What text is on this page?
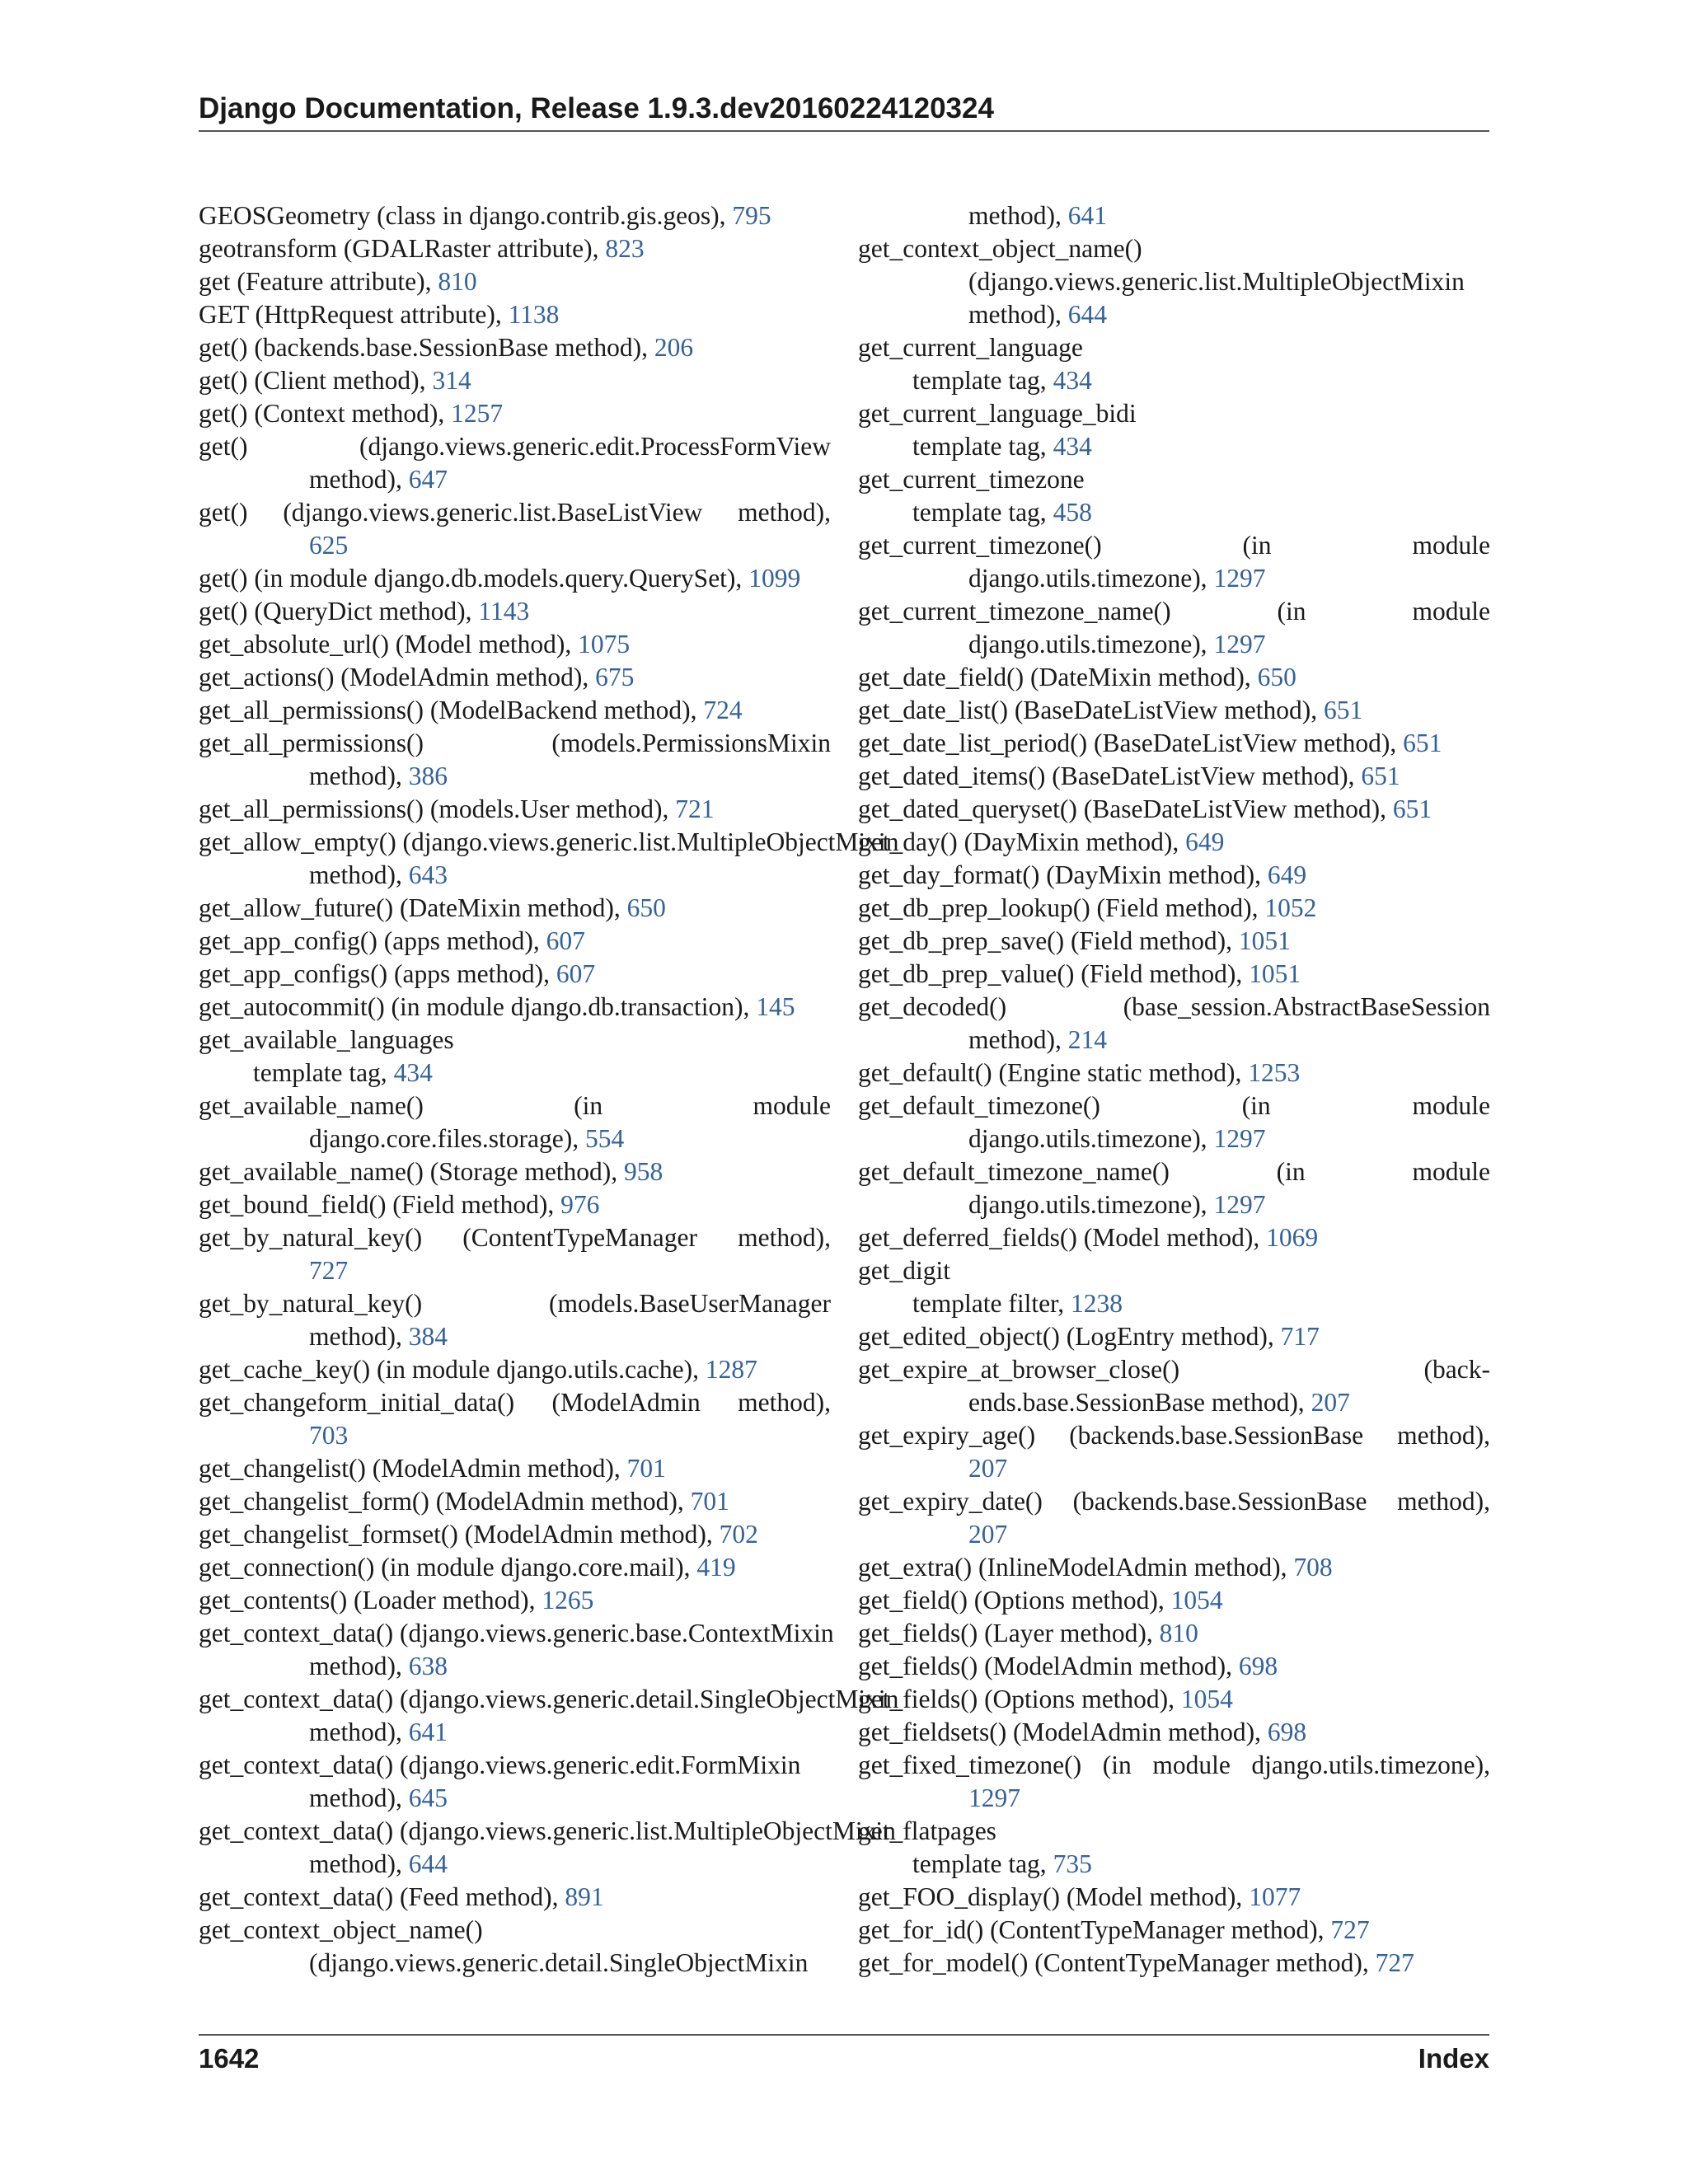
Django Documentation, Release 1.9.3.dev20160224120324
GEOSGeometry (class in django.contrib.gis.geos), 795
geotransform (GDALRaster attribute), 823
get (Feature attribute), 810
GET (HttpRequest attribute), 1138
get() (backends.base.SessionBase method), 206
get() (Client method), 314
get() (Context method), 1257
get()	(django.views.generic.edit.ProcessFormView
method), 647
get() (django.views.generic.list.BaseListView method),
625
get() (in module django.db.models.query.QuerySet), 1099
get() (QueryDict method), 1143
get_absolute_url() (Model method), 1075
get_actions() (ModelAdmin method), 675
get_all_permissions() (ModelBackend method), 724
get_all_permissions()	(models.PermissionsMixin
method), 386
get_all_permissions() (models.User method), 721
get_allow_empty() (django.views.generic.list.MultipleObjectMixin
method), 643
get_allow_future() (DateMixin method), 650
get_app_config() (apps method), 607
get_app_configs() (apps method), 607
get_autocommit() (in module django.db.transaction), 145
get_available_languages
template tag, 434
get_available_name()	(in	module
django.core.files.storage), 554
get_available_name() (Storage method), 958
get_bound_field() (Field method), 976
get_by_natural_key() (ContentTypeManager method),
727
get_by_natural_key()	(models.BaseUserManager
method), 384
get_cache_key() (in module django.utils.cache), 1287
get_changeform_initial_data() (ModelAdmin method),
703
get_changelist() (ModelAdmin method), 701
get_changelist_form() (ModelAdmin method), 701
get_changelist_formset() (ModelAdmin method), 702
get_connection() (in module django.core.mail), 419
get_contents() (Loader method), 1265
get_context_data() (django.views.generic.base.ContextMixin
method), 638
get_context_data() (django.views.generic.detail.SingleObjectMixin
method), 641
get_context_data() (django.views.generic.edit.FormMixin
method), 645
get_context_data() (django.views.generic.list.MultipleObjectMixin
method), 644
get_context_data() (Feed method), 891
get_context_object_name()
(django.views.generic.detail.SingleObjectMixin
method), 641
get_context_object_name()
(django.views.generic.list.MultipleObjectMixin
method), 644
get_current_language
template tag, 434
get_current_language_bidi
template tag, 434
get_current_timezone
template tag, 458
get_current_timezone()	(in	module
django.utils.timezone), 1297
get_current_timezone_name()	(in	module
django.utils.timezone), 1297
get_date_field() (DateMixin method), 650
get_date_list() (BaseDateListView method), 651
get_date_list_period() (BaseDateListView method), 651
get_dated_items() (BaseDateListView method), 651
get_dated_queryset() (BaseDateListView method), 651
get_day() (DayMixin method), 649
get_day_format() (DayMixin method), 649
get_db_prep_lookup() (Field method), 1052
get_db_prep_save() (Field method), 1051
get_db_prep_value() (Field method), 1051
get_decoded()	(base_session.AbstractBaseSession
method), 214
get_default() (Engine static method), 1253
get_default_timezone()	(in	module
django.utils.timezone), 1297
get_default_timezone_name()	(in	module
django.utils.timezone), 1297
get_deferred_fields() (Model method), 1069
get_digit
template filter, 1238
get_edited_object() (LogEntry method), 717
get_expire_at_browser_close()	(back-
ends.base.SessionBase method), 207
get_expiry_age() (backends.base.SessionBase method),
207
get_expiry_date() (backends.base.SessionBase method),
207
get_extra() (InlineModelAdmin method), 708
get_field() (Options method), 1054
get_fields() (Layer method), 810
get_fields() (ModelAdmin method), 698
get_fields() (Options method), 1054
get_fieldsets() (ModelAdmin method), 698
get_fixed_timezone() (in module django.utils.timezone),
1297
get_flatpages
template tag, 735
get_FOO_display() (Model method), 1077
get_for_id() (ContentTypeManager method), 727
get_for_model() (ContentTypeManager method), 727
1642	Index
